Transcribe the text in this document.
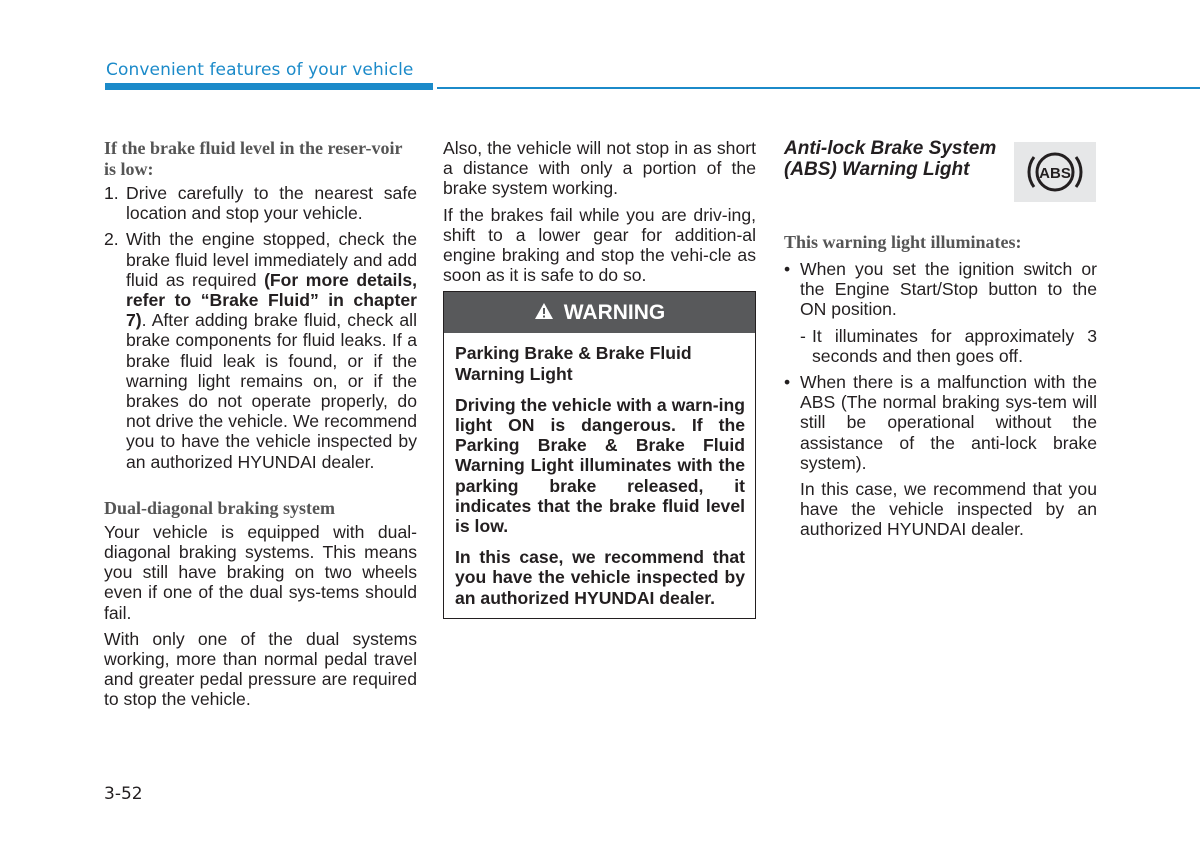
Convenient features of your vehicle
If the brake fluid level in the reser-voir is low:
1. Drive carefully to the nearest safe location and stop your vehicle.
2. With the engine stopped, check the brake fluid level immediately and add fluid as required (For more details, refer to “Brake Fluid” in chapter 7). After adding brake fluid, check all brake components for fluid leaks. If a brake fluid leak is found, or if the warning light remains on, or if the brakes do not operate properly, do not drive the vehicle. We recommend you to have the vehicle inspected by an authorized HYUNDAI dealer.
Dual-diagonal braking system

Your vehicle is equipped with dual-diagonal braking systems. This means you still have braking on two wheels even if one of the dual sys-tems should fail.

With only one of the dual systems working, more than normal pedal travel and greater pedal pressure are required to stop the vehicle.

Also, the vehicle will not stop in as short a distance with only a portion of the brake system working.

If the brakes fail while you are driv-ing, shift to a lower gear for addition-al engine braking and stop the vehi-cle as soon as it is safe to do so.

WARNING

Parking Brake & Brake Fluid Warning Light

Driving the vehicle with a warn-ing light ON is dangerous. If the Parking Brake & Brake Fluid Warning Light illuminates with the parking brake released, it indicates that the brake fluid level is low.

In this case, we recommend that you have the vehicle inspected by an authorized HYUNDAI dealer.

Anti-lock Brake System (ABS) Warning Light
This warning light illuminates:
• When you set the ignition switch or the Engine Start/Stop button to the ON position.
- It illuminates for approximately 3 seconds and then goes off.
• When there is a malfunction with the ABS (The normal braking sys-tem will still be operational without the assistance of the anti-lock brake system).

In this case, we recommend that you have the vehicle inspected by an authorized HYUNDAI dealer.

ABS
3-52
